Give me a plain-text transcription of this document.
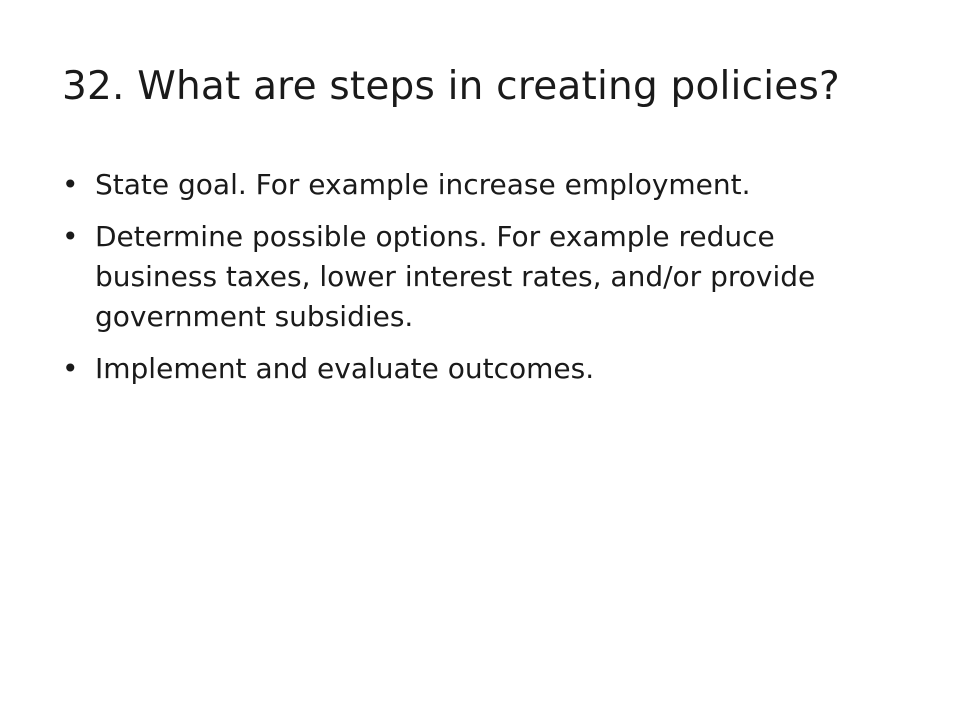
32. What are steps in creating policies?
• State goal. For example increase employment.
• Determine possible options. For example reduce business taxes, lower interest rates, and/or provide government subsidies.
• Implement and evaluate outcomes.
